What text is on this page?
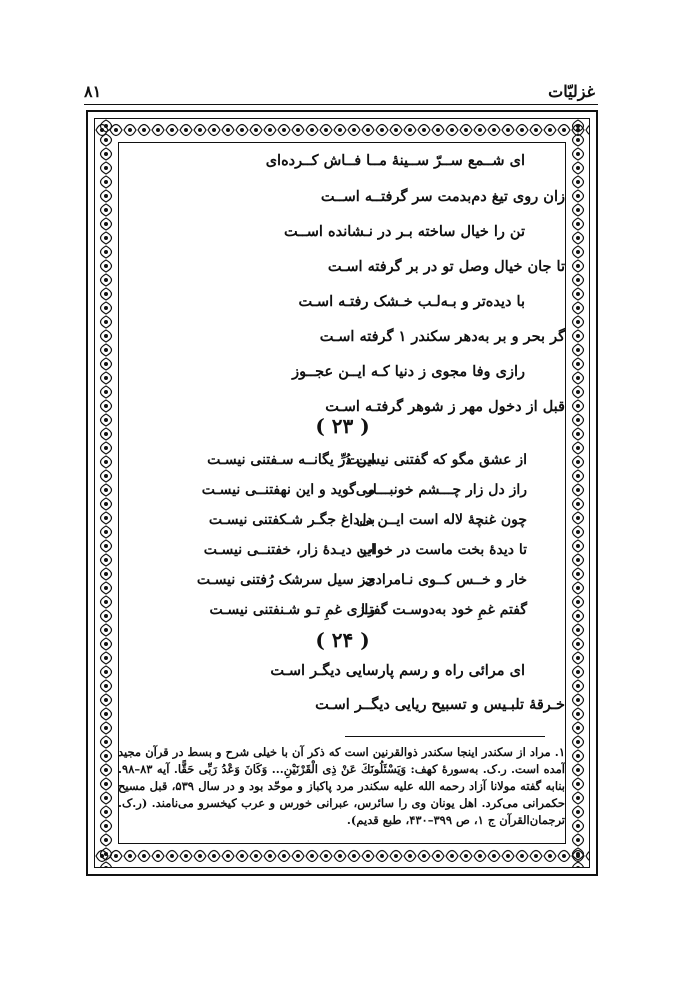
غزلیّات
۸۱
ای شــمع ســرّ ســینهٔ مــا فــاش کــرده‌ای
زان روی تیغ دم‌بدمت سر گرفتــه اســت
تن را خیال ساخته بـر در نـشانده اســت
تا جان خیال وصل تو در بر گرفته اسـت
با دیده‌تر و بـه‌لـب خـشک رفتـه اسـت
گر بحر و بر به‌دهر سکندر ۱ گرفته اسـت
رازی وفا مجوی ز دنیا کـه ایــن عجــوز
قبل از دخول مهر ز شوهر گرفتـه اسـت
( ۲۳ )
از عشق مگو که گفتنی نیســت
این دُرِّ یگانــه سـفتنی نیسـت
راز دل زار چـــشم خونبـــار
می‌گوید و این نهفتنــی نیسـت
چون غنچهٔ لاله است ایــن دل
بی‌داغ جگـر شـکفتنی نیسـت
تا دیدهٔ بخت ماست در خواب
این دیـدهٔ زار، خفتنــی نیسـت
خار و خــس کــوی نـامرادی
جز سیل سرشک رُفتنی نیسـت
گفتم غمِ خود به‌دوسـت گفتـا
رازی غمِ تـو شـنفتنی نیسـت
( ۲۴ )
ای مرائی راه و رسم پارسایی دیگـر اسـت
خـرقهٔ تلبـیس و تسبیح ریایی دیگــر اسـت
۱. مراد از سکندر اینجا سکندر ذوالقرنین است که ذکر آن با خیلی شرح و بسط در قرآن مجید آمده است. ر.ک. به‌سورهٔ کهف: وَیَسْئَلُونَكَ عَنْ ذِی الْقَرْنَیْنِ... وَكَانَ وَعْدُ رَبِّی حَقًّا. آیه ۸۳–۹۸. بنابه گفته مولانا آزاد رحمه الله علیه سکندر مرد پاکباز و موحّد بود و در سال ۵۳۹، قبل مسیح حکمرانی می‌کرد. اهل یونان وی را سائرس، عبرانی خورس و عرب کیخسرو می‌نامند. (ر.ک. ترجمان‌القرآن ج ۱، ص ۳۹۹–۴۳۰، طبع قدیم).
